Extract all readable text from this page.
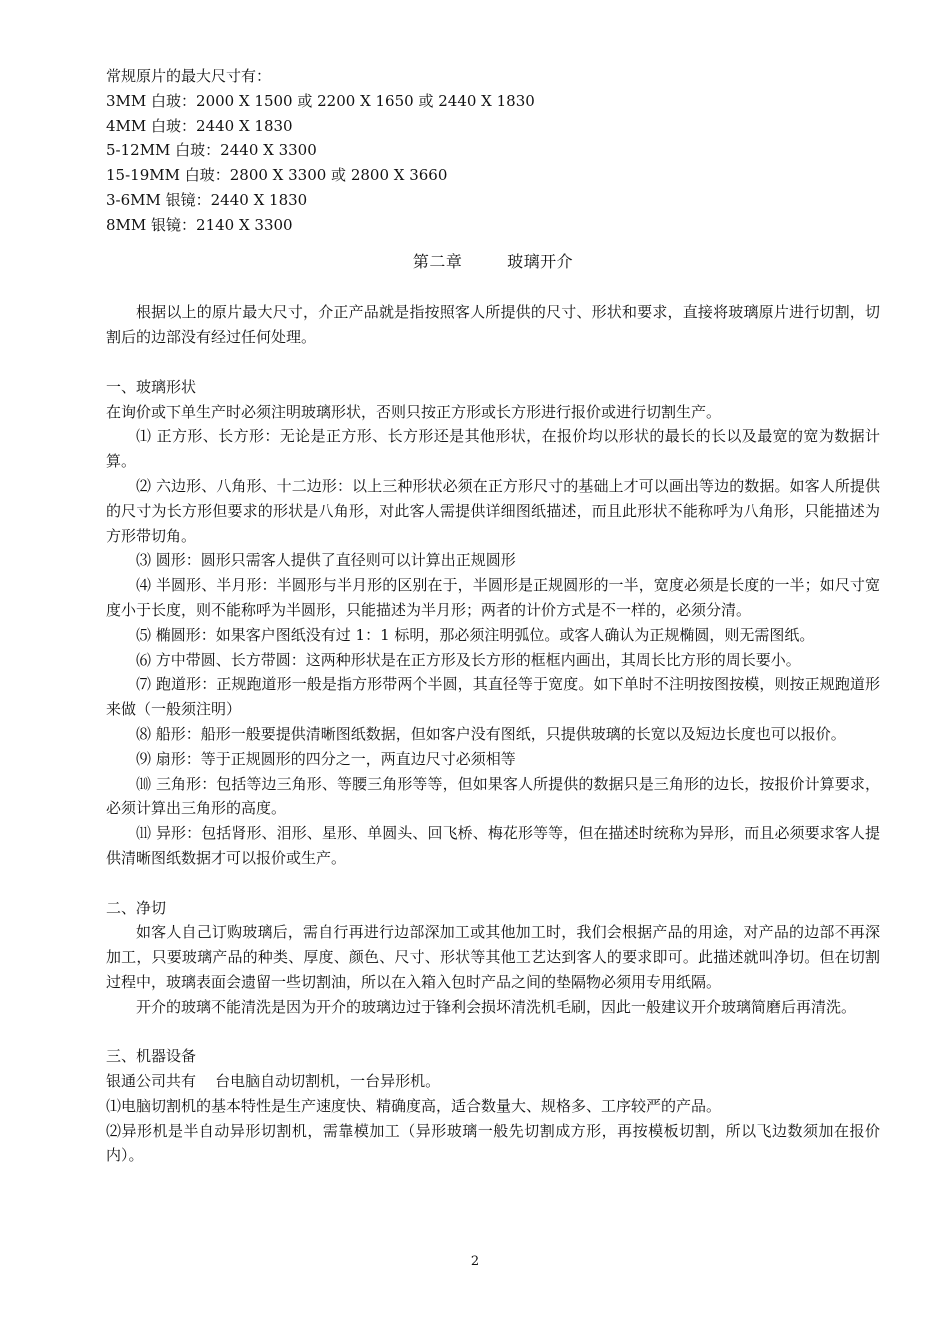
常规原片的最大尺寸有：
3MM 白玻：2000 X 1500 或 2200 X 1650 或 2440 X 1830
4MM 白玻：2440 X 1830
5-12MM 白玻：2440 X 3300
15-19MM 白玻：2800 X 3300 或 2800 X 3660
3-6MM 银镜：2440 X 1830
8MM 银镜：2140 X 3300
第二章        玻璃开介

根据以上的原片最大尺寸，介正产品就是指按照客人所提供的尺寸、形状和要求，直接将玻璃原片进行切割，切割后的边部没有经过任何处理。

一、玻璃形状
在询价或下单生产时必须注明玻璃形状，否则只按正方形或长方形进行报价或进行切割生产。

⑴ 正方形、长方形：无论是正方形、长方形还是其他形状，在报价均以形状的最长的长以及最宽的宽为数据计算。

⑵ 六边形、八角形、十二边形：以上三种形状必须在正方形尺寸的基础上才可以画出等边的数据。如客人所提供的尺寸为长方形但要求的形状是八角形，对此客人需提供详细图纸描述，而且此形状不能称呼为八角形，只能描述为方形带切角。

⑶ 圆形：圆形只需客人提供了直径则可以计算出正规圆形

⑷ 半圆形、半月形：半圆形与半月形的区别在于，半圆形是正规圆形的一半，宽度必须是长度的一半；如尺寸宽度小于长度，则不能称呼为半圆形，只能描述为半月形；两者的计价方式是不一样的，必须分清。

⑸ 椭圆形：如果客户图纸没有过 1：1 标明，那必须注明弧位。或客人确认为正规椭圆，则无需图纸。

⑹ 方中带圆、长方带圆：这两种形状是在正方形及长方形的框框内画出，其周长比方形的周长要小。

⑺ 跑道形：正规跑道形一般是指方形带两个半圆，其直径等于宽度。如下单时不注明按图按模，则按正规跑道形来做（一般须注明）

⑻ 船形：船形一般要提供清晰图纸数据，但如客户没有图纸，只提供玻璃的长宽以及短边长度也可以报价。

⑼ 扇形：等于正规圆形的四分之一，两直边尺寸必须相等

⑽ 三角形：包括等边三角形、等腰三角形等等，但如果客人所提供的数据只是三角形的边长，按报价计算要求，必须计算出三角形的高度。

⑾ 异形：包括肾形、泪形、星形、单圆头、回飞桥、梅花形等等，但在描述时统称为异形，而且必须要求客人提供清晰图纸数据才可以报价或生产。

二、净切

如客人自己订购玻璃后，需自行再进行边部深加工或其他加工时，我们会根据产品的用途，对产品的边部不再深加工，只要玻璃产品的种类、厚度、颜色、尺寸、形状等其他工艺达到客人的要求即可。此描述就叫净切。但在切割过程中，玻璃表面会遗留一些切割油，所以在入箱入包时产品之间的垫隔物必须用专用纸隔。

开介的玻璃不能清洗是因为开介的玻璃边过于锋利会损坏清洗机毛刷，因此一般建议开介玻璃简磨后再清洗。

三、机器设备
银通公司共有    台电脑自动切割机，一台异形机。
⑴电脑切割机的基本特性是生产速度快、精确度高，适合数量大、规格多、工序较严的产品。

⑵异形机是半自动异形切割机，需靠模加工（异形玻璃一般先切割成方形，再按模板切割，所以飞边数须加在报价内）。

2
